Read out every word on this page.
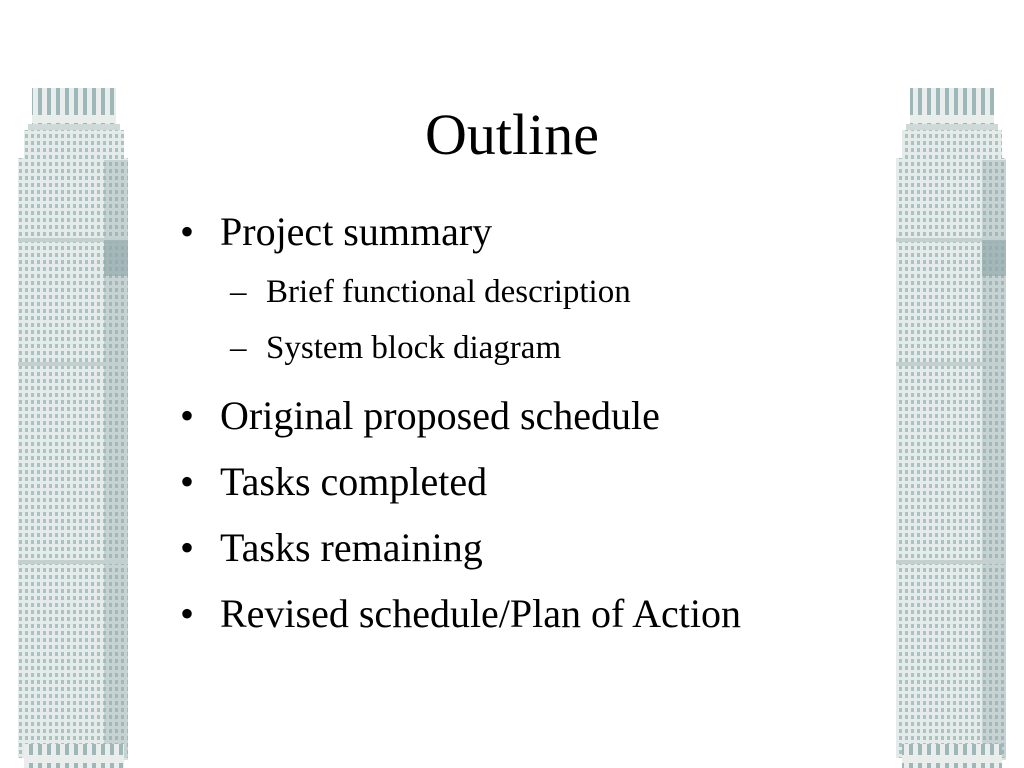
Outline
• Project summary
– Brief functional description
– System block diagram
• Original proposed schedule
• Tasks completed
• Tasks remaining
• Revised schedule/Plan of Action
